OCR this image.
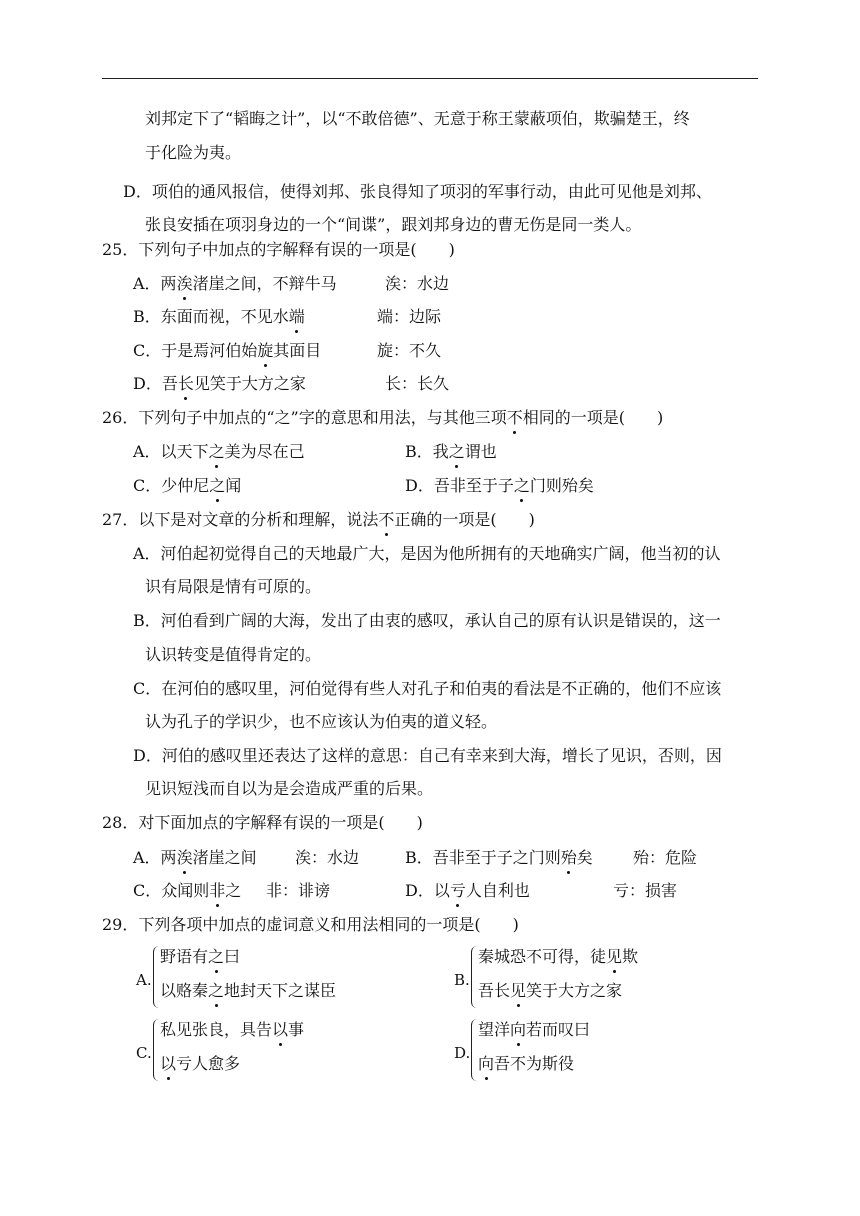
刘邦定下了“韬晦之计”，以“不敢倍德”、无意于称王蒙蔽项伯，欺骗楚王，终
于化险为夷。
D．项伯的通风报信，使得刘邦、张良得知了项羽的军事行动，由此可见他是刘邦、
张良安插在项羽身边的一个“间谍”，跟刘邦身边的曹无伤是同一类人。
25．下列句子中加点的字解释有误的一项是(　　)
A．两涘渚崖之间，不辩牛马	涘：水边
B．东面而视，不见水端	端：边际
C．于是焉河伯始旋其面目	旋：不久
D．吾长见笑于大方之家	长：长久
26．下列句子中加点的“之”字的意思和用法，与其他三项不相同的一项是(　　)
A．以天下之美为尽在己	B．我之谓也
C．少仲尼之闻	D．吾非至于子之门则殆矣
27．以下是对文章的分析和理解，说法不正确的一项是(　　)
A．河伯起初觉得自己的天地最广大，是因为他所拥有的天地确实广阔，他当初的认
识有局限是情有可原的。
B．河伯看到广阔的大海，发出了由衷的感叹，承认自己的原有认识是错误的，这一
认识转变是值得肯定的。
C．在河伯的感叹里，河伯觉得有些人对孔子和伯夷的看法是不正确的，他们不应该
认为孔子的学识少，也不应该认为伯夷的道义轻。
D．河伯的感叹里还表达了这样的意思：自己有幸来到大海，增长了见识，否则，因
见识短浅而自以为是会造成严重的后果。
28．对下面加点的字解释有误的一项是(　　)
A．两涘渚崖之间 涘：水边	B．吾非至于子之门则殆矣	殆：危险
C．众闻则非之 非：诽谤	D．以亏人自利也	亏：损害
29．下列各项中加点的虚词意义和用法相同的一项是(　　)
A.
野语有之曰
以赂秦之地封天下之谋臣
B.
秦城恐不可得，徒见欺
吾长见笑于大方之家
C.
私见张良，具告以事
以亏人愈多
D.
望洋向若而叹曰
向吾不为斯役
